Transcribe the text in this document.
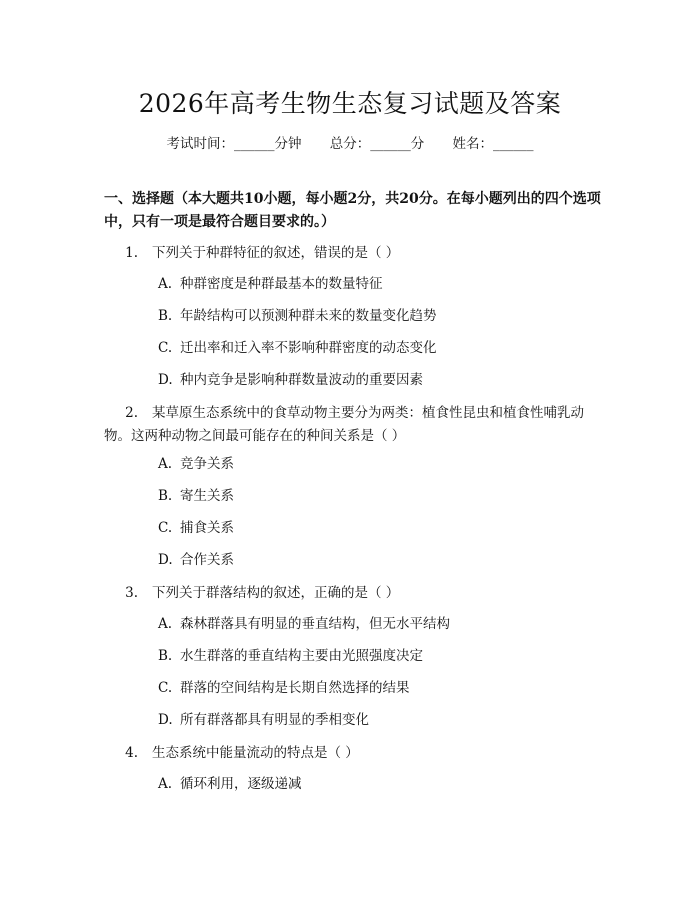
2026年高考生物生态复习试题及答案
考试时间：______分钟 总分：______分 姓名：______
一、选择题（本大题共10小题，每小题2分，共20分。在每小题列出的四个选项中，只有一项是最符合题目要求的。）
1. 下列关于种群特征的叙述，错误的是（ ）
A. 种群密度是种群最基本的数量特征
B. 年龄结构可以预测种群未来的数量变化趋势
C. 迁出率和迁入率不影响种群密度的动态变化
D. 种内竞争是影响种群数量波动的重要因素
2. 某草原生态系统中的食草动物主要分为两类：植食性昆虫和植食性哺乳动物。这两种动物之间最可能存在的种间关系是（ ）
A. 竞争关系
B. 寄生关系
C. 捕食关系
D. 合作关系
3. 下列关于群落结构的叙述，正确的是（ ）
A. 森林群落具有明显的垂直结构，但无水平结构
B. 水生群落的垂直结构主要由光照强度决定
C. 群落的空间结构是长期自然选择的结果
D. 所有群落都具有明显的季相变化
4. 生态系统中能量流动的特点是（ ）
A. 循环利用，逐级递减
